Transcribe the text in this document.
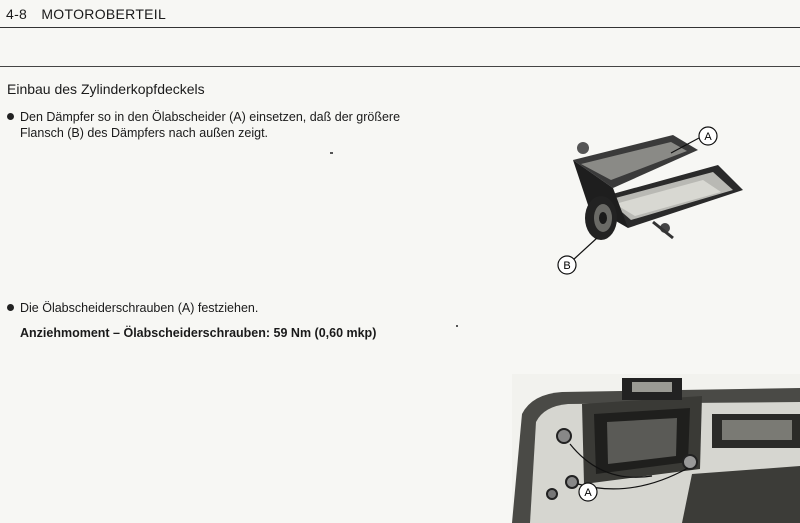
4-8 MOTOROBERTEIL
Einbau des Zylinderkopfdeckels
Den Dämpfer so in den Ölabscheider (A) einsetzen, daß der größere
Flansch (B) des Dämpfers nach außen zeigt.
Die Ölabscheiderschrauben (A) festziehen.
Anziehmoment – Ölabscheiderschrauben: 59 Nm (0,60 mkp)
A
B
A
